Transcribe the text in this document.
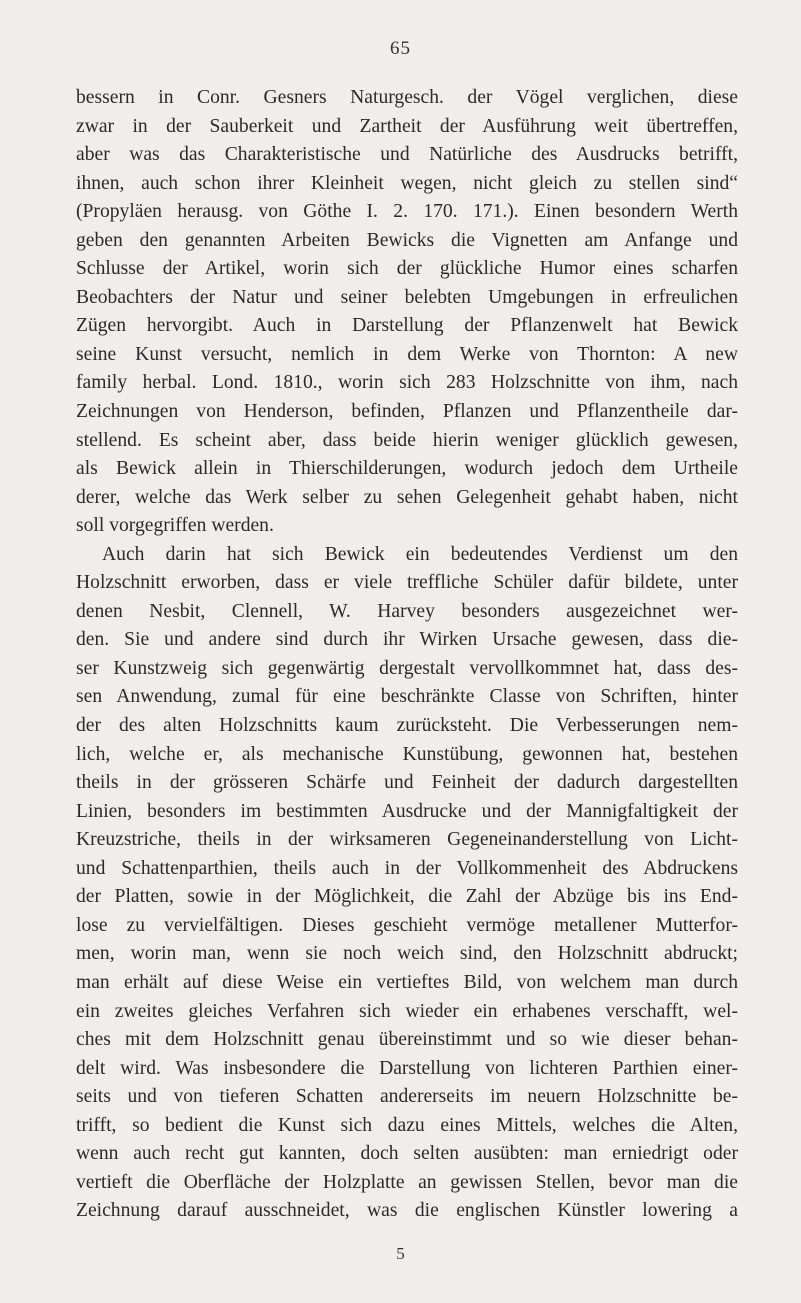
65
bessern in Conr. Gesners Naturgesch. der Vögel verglichen, diese
zwar in der Sauberkeit und Zartheit der Ausführung weit übertreffen,
aber was das Charakteristische und Natürliche des Ausdrucks betrifft,
ihnen, auch schon ihrer Kleinheit wegen, nicht gleich zu stellen sind“
(Propyläen herausg. von Göthe I. 2. 170. 171.). Einen besondern Werth
geben den genannten Arbeiten Bewicks die Vignetten am Anfange und
Schlusse der Artikel, worin sich der glückliche Humor eines scharfen
Beobachters der Natur und seiner belebten Umgebungen in erfreulichen
Zügen hervorgibt. Auch in Darstellung der Pflanzenwelt hat Bewick
seine Kunst versucht, nemlich in dem Werke von Thornton: A new
family herbal. Lond. 1810., worin sich 283 Holzschnitte von ihm, nach
Zeichnungen von Henderson, befinden, Pflanzen und Pflanzentheile dar-
stellend. Es scheint aber, dass beide hierin weniger glücklich gewesen,
als Bewick allein in Thierschilderungen, wodurch jedoch dem Urtheile
derer, welche das Werk selber zu sehen Gelegenheit gehabt haben, nicht
soll vorgegriffen werden.
Auch darin hat sich Bewick ein bedeutendes Verdienst um den
Holzschnitt erworben, dass er viele treffliche Schüler dafür bildete, unter
denen Nesbit, Clennell, W. Harvey besonders ausgezeichnet wer-
den. Sie und andere sind durch ihr Wirken Ursache gewesen, dass die-
ser Kunstzweig sich gegenwärtig dergestalt vervollkommnet hat, dass des-
sen Anwendung, zumal für eine beschränkte Classe von Schriften, hinter
der des alten Holzschnitts kaum zurücksteht. Die Verbesserungen nem-
lich, welche er, als mechanische Kunstübung, gewonnen hat, bestehen
theils in der grösseren Schärfe und Feinheit der dadurch dargestellten
Linien, besonders im bestimmten Ausdrucke und der Mannigfaltigkeit der
Kreuzstriche, theils in der wirksameren Gegeneinanderstellung von Licht-
und Schattenparthien, theils auch in der Vollkommenheit des Abdruckens
der Platten, sowie in der Möglichkeit, die Zahl der Abzüge bis ins End-
lose zu vervielfältigen. Dieses geschieht vermöge metallener Mutterfor-
men, worin man, wenn sie noch weich sind, den Holzschnitt abdruckt;
man erhält auf diese Weise ein vertieftes Bild, von welchem man durch
ein zweites gleiches Verfahren sich wieder ein erhabenes verschafft, wel-
ches mit dem Holzschnitt genau übereinstimmt und so wie dieser behan-
delt wird. Was insbesondere die Darstellung von lichteren Parthien einer-
seits und von tieferen Schatten andererseits im neuern Holzschnitte be-
trifft, so bedient die Kunst sich dazu eines Mittels, welches die Alten,
wenn auch recht gut kannten, doch selten ausübten: man erniedrigt oder
vertieft die Oberfläche der Holzplatte an gewissen Stellen, bevor man die
Zeichnung darauf ausschneidet, was die englischen Künstler lowering a
5
